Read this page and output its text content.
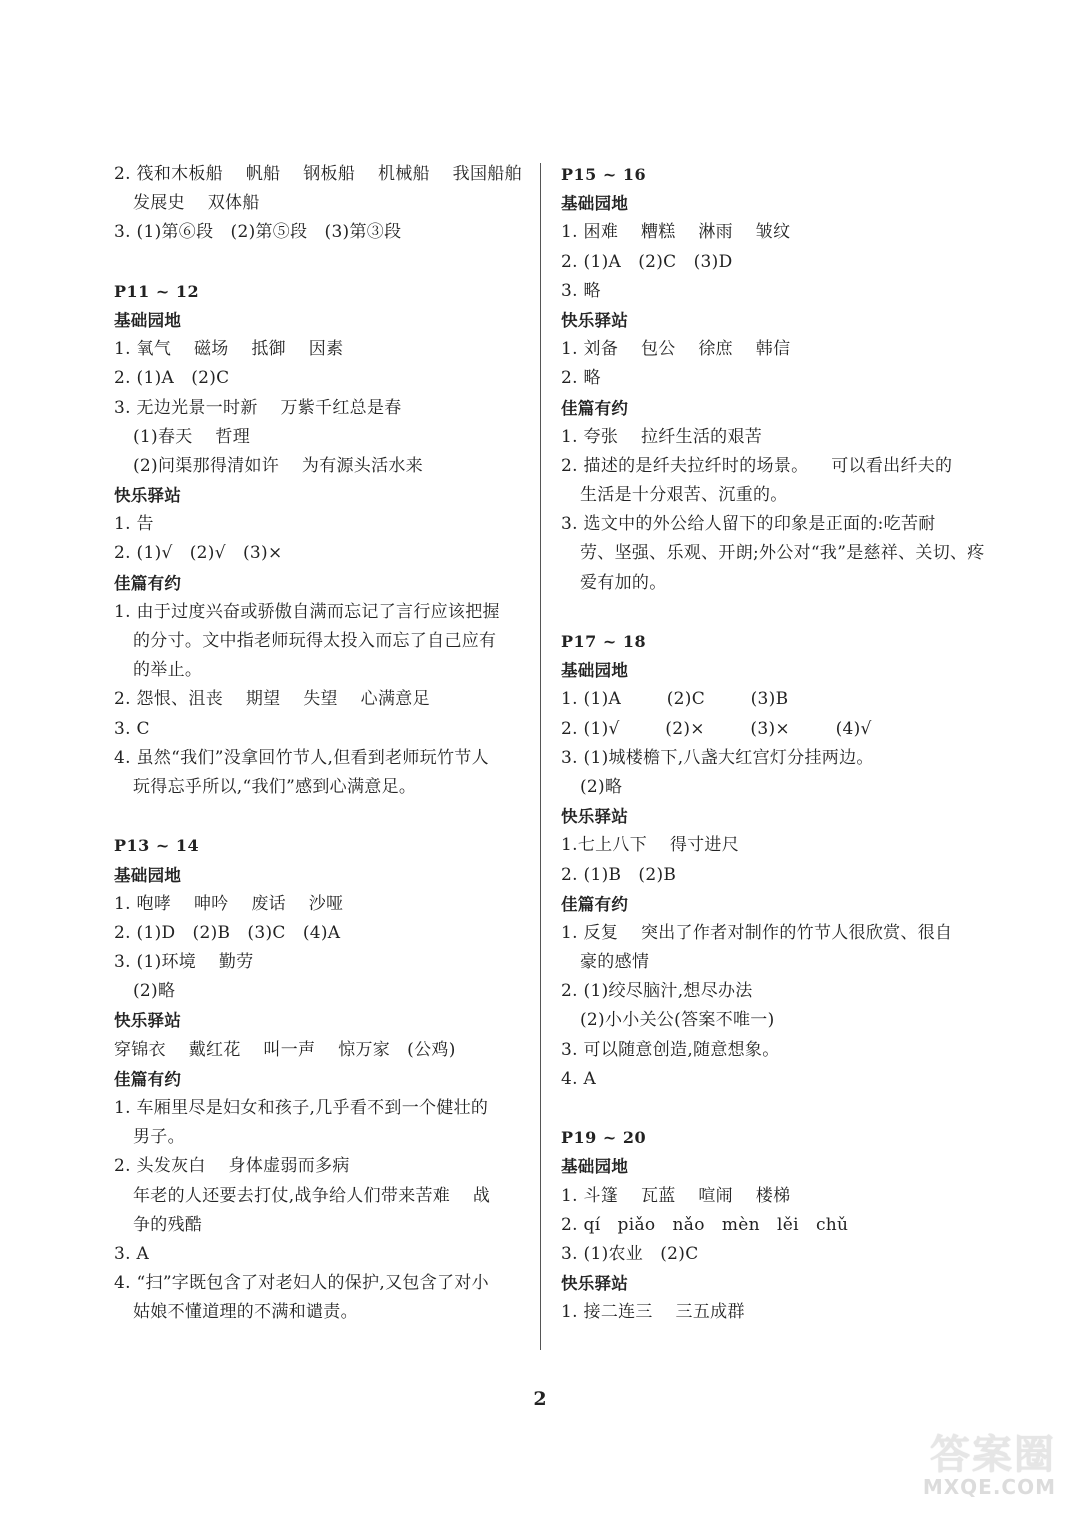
2. 筏和木板船    帆船    钢板船    机械船    我国船舶
发展史    双体船
3. (1)第⑥段   (2)第⑤段   (3)第③段
P11 ~ 12
基础园地
1. 氧气    磁场    抵御    因素
2. (1)A   (2)C
3. 无边光景一时新    万紫千红总是春
(1)春天    哲理
(2)问渠那得清如许    为有源头活水来
快乐驿站
1. 告
2. (1)√   (2)√   (3)×
佳篇有约
1. 由于过度兴奋或骄傲自满而忘记了言行应该把握
的分寸。文中指老师玩得太投入而忘了自己应有
的举止。
2. 怨恨、沮丧    期望    失望    心满意足
3. C
4. 虽然“我们”没拿回竹节人,但看到老师玩竹节人
玩得忘乎所以,“我们”感到心满意足。
P13 ~ 14
基础园地
1. 咆哮    呻吟    废话    沙哑
2. (1)D   (2)B   (3)C   (4)A
3. (1)环境    勤劳
(2)略
快乐驿站
穿锦衣    戴红花    叫一声    惊万家   (公鸡)
佳篇有约
1. 车厢里尽是妇女和孩子,几乎看不到一个健壮的
男子。
2. 头发灰白    身体虚弱而多病
年老的人还要去打仗,战争给人们带来苦难    战
争的残酷
3. A
4. “扫”字既包含了对老妇人的保护,又包含了对小
姑娘不懂道理的不满和谴责。
P15 ~ 16
基础园地
1. 困难    糟糕    淋雨    皱纹
2. (1)A   (2)C   (3)D
3. 略
快乐驿站
1. 刘备    包公    徐庶    韩信
2. 略
佳篇有约
1. 夸张    拉纤生活的艰苦
2. 描述的是纤夫拉纤时的场景。    可以看出纤夫的
生活是十分艰苦、沉重的。
3. 选文中的外公给人留下的印象是正面的:吃苦耐
劳、坚强、乐观、开朗;外公对“我”是慈祥、关切、疼
爱有加的。
P17 ~ 18
基础园地
1. (1)A        (2)C        (3)B
2. (1)√        (2)×        (3)×        (4)√
3. (1)城楼檐下,八盏大红宫灯分挂两边。
(2)略
快乐驿站
1.七上八下    得寸进尺
2. (1)B   (2)B
佳篇有约
1. 反复    突出了作者对制作的竹节人很欣赏、很自
豪的感情
2. (1)绞尽脑汁,想尽办法
(2)小小关公(答案不唯一)
3. 可以随意创造,随意想象。
4. A
P19 ~ 20
基础园地
1. 斗篷    瓦蓝    喧闹    楼梯
2. qí   piǎo   nǎo   mèn   lěi   chǔ
3. (1)农业   (2)C
快乐驿站
1. 接二连三    三五成群
2
答案圈
MXQE.COM
